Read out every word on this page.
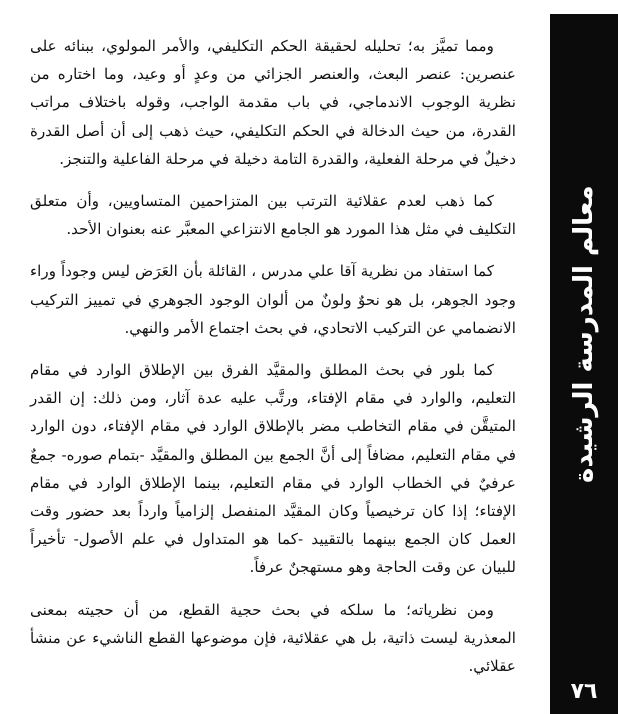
ومما تميَّز به؛ تحليله لحقيقة الحكم التكليفي، والأمر المولوي، ببنائه على عنصرين: عنصر البعث، والعنصر الجزائي من وعدٍ أو وعيد، وما اختاره من نظرية الوجوب الاندماجي، في باب مقدمة الواجب، وقوله باختلاف مراتب القدرة، من حيث الدخالة في الحكم التكليفي، حيث ذهب إلى أن أصل القدرة دخيلٌ في مرحلة الفعلية، والقدرة التامة دخيلة في مرحلة الفاعلية والتنجز.

كما ذهب لعدم عقلائية الترتب بين المتزاحمين المتساويين، وأن متعلق التكليف في مثل هذا المورد هو الجامع الانتزاعي المعبَّر عنه بعنوان الأحد.

كما استفاد من نظرية آقا علي مدرس ، القائلة بأن العَرَض ليس وجوداً وراء وجود الجوهر، بل هو نحوٌ ولونٌ من ألوان الوجود الجوهري في تمييز التركيب الانضمامي عن التركيب الاتحادي، في بحث اجتماع الأمر والنهي.

كما بلور في بحث المطلق والمقيَّد الفرق بين الإطلاق الوارد في مقام التعليم، والوارد في مقام الإفتاء، ورتَّب عليه عدة آثار، ومن ذلك: إن القدر المتيقَّن في مقام التخاطب مضر بالإطلاق الوارد في مقام الإفتاء، دون الوارد في مقام التعليم، مضافاً إلى أنَّ الجمع بين المطلق والمقيَّد -بتمام صوره- جمعٌ عرفيٌ في الخطاب الوارد في مقام التعليم، بينما الإطلاق الوارد في مقام الإفتاء؛ إذا كان ترخيصياً وكان المقيَّد المنفصل إلزامياً وارداً بعد حضور وقت العمل كان الجمع بينهما بالتقييد -كما هو المتداول في علم الأصول- تأخيراً للبيان عن وقت الحاجة وهو مستهجنٌ عرفاً.

ومن نظرياته؛ ما سلكه في بحث حجية القطع، من أن حجيته بمعنى المعذرية ليست ذاتية، بل هي عقلائية، فإن موضوعها القطع الناشيء عن منشأ عقلائي.

معالم المدرسة الرشيدة
٧٦
